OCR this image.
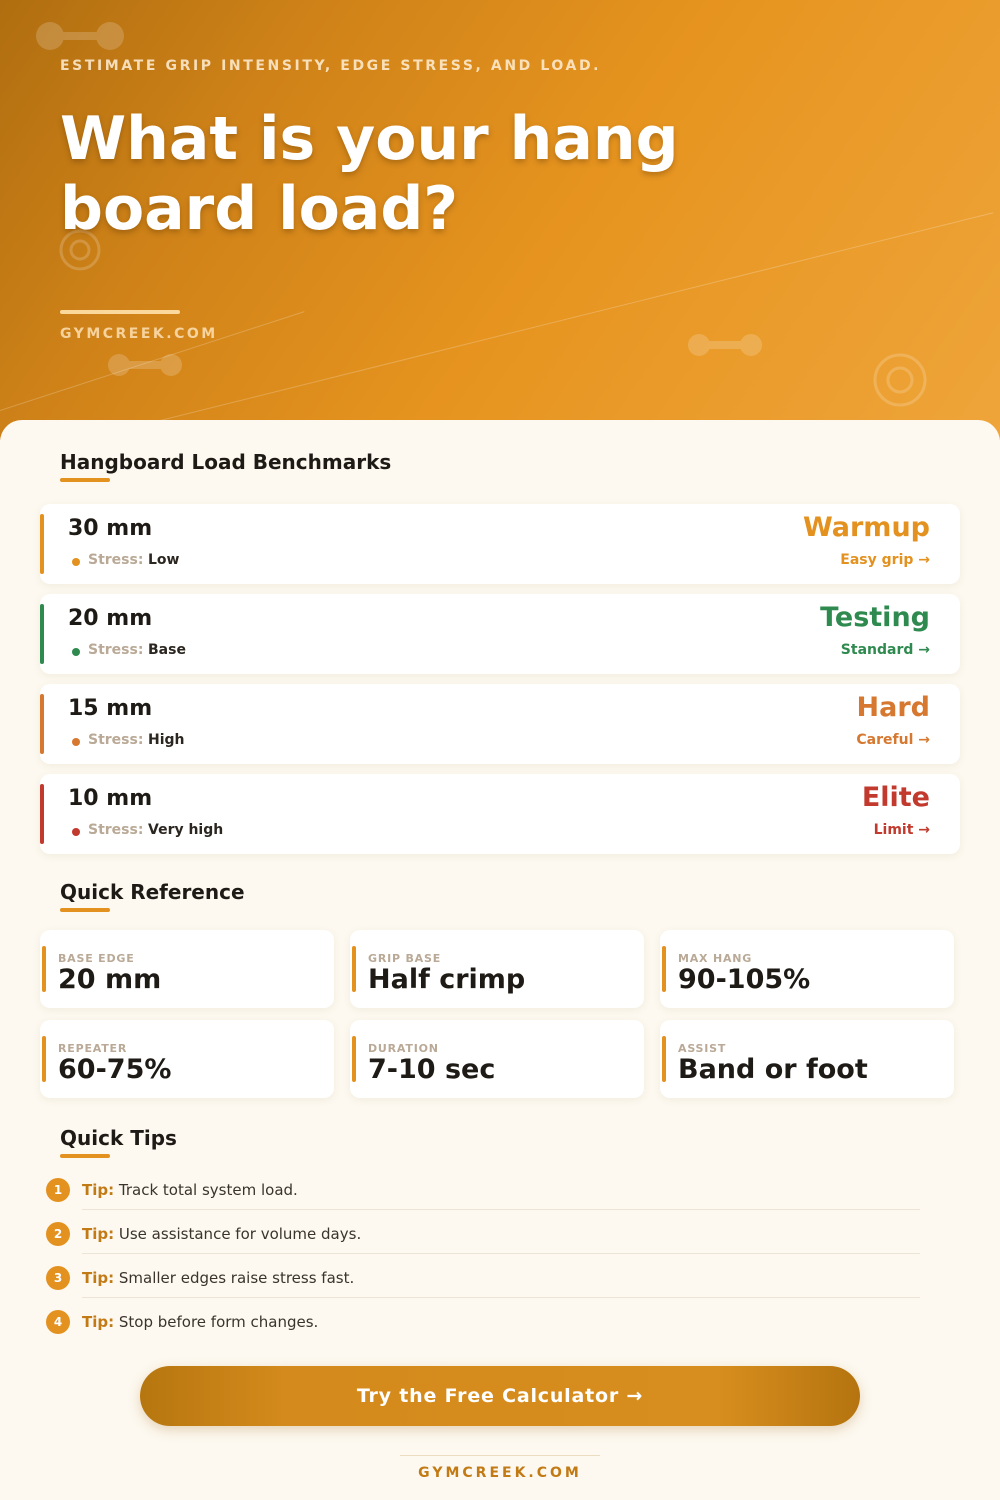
ESTIMATE GRIP INTENSITY, EDGE STRESS, AND LOAD.
What is your hang board load?
GYMCREEK.COM
Hangboard Load Benchmarks
30 mm
Stress: Low
Warmup
Easy grip →
20 mm
Stress: Base
Testing
Standard →
15 mm
Stress: High
Hard
Careful →
10 mm
Stress: Very high
Elite
Limit →
Quick Reference
BASE EDGE
20 mm
GRIP BASE
Half crimp
MAX HANG
90-105%
REPEATER
60-75%
DURATION
7-10 sec
ASSIST
Band or foot
Quick Tips
1	Tip: Track total system load.
2	Tip: Use assistance for volume days.
3	Tip: Smaller edges raise stress fast.
4	Tip: Stop before form changes.
Try the Free Calculator →
GYMCREEK.COM
